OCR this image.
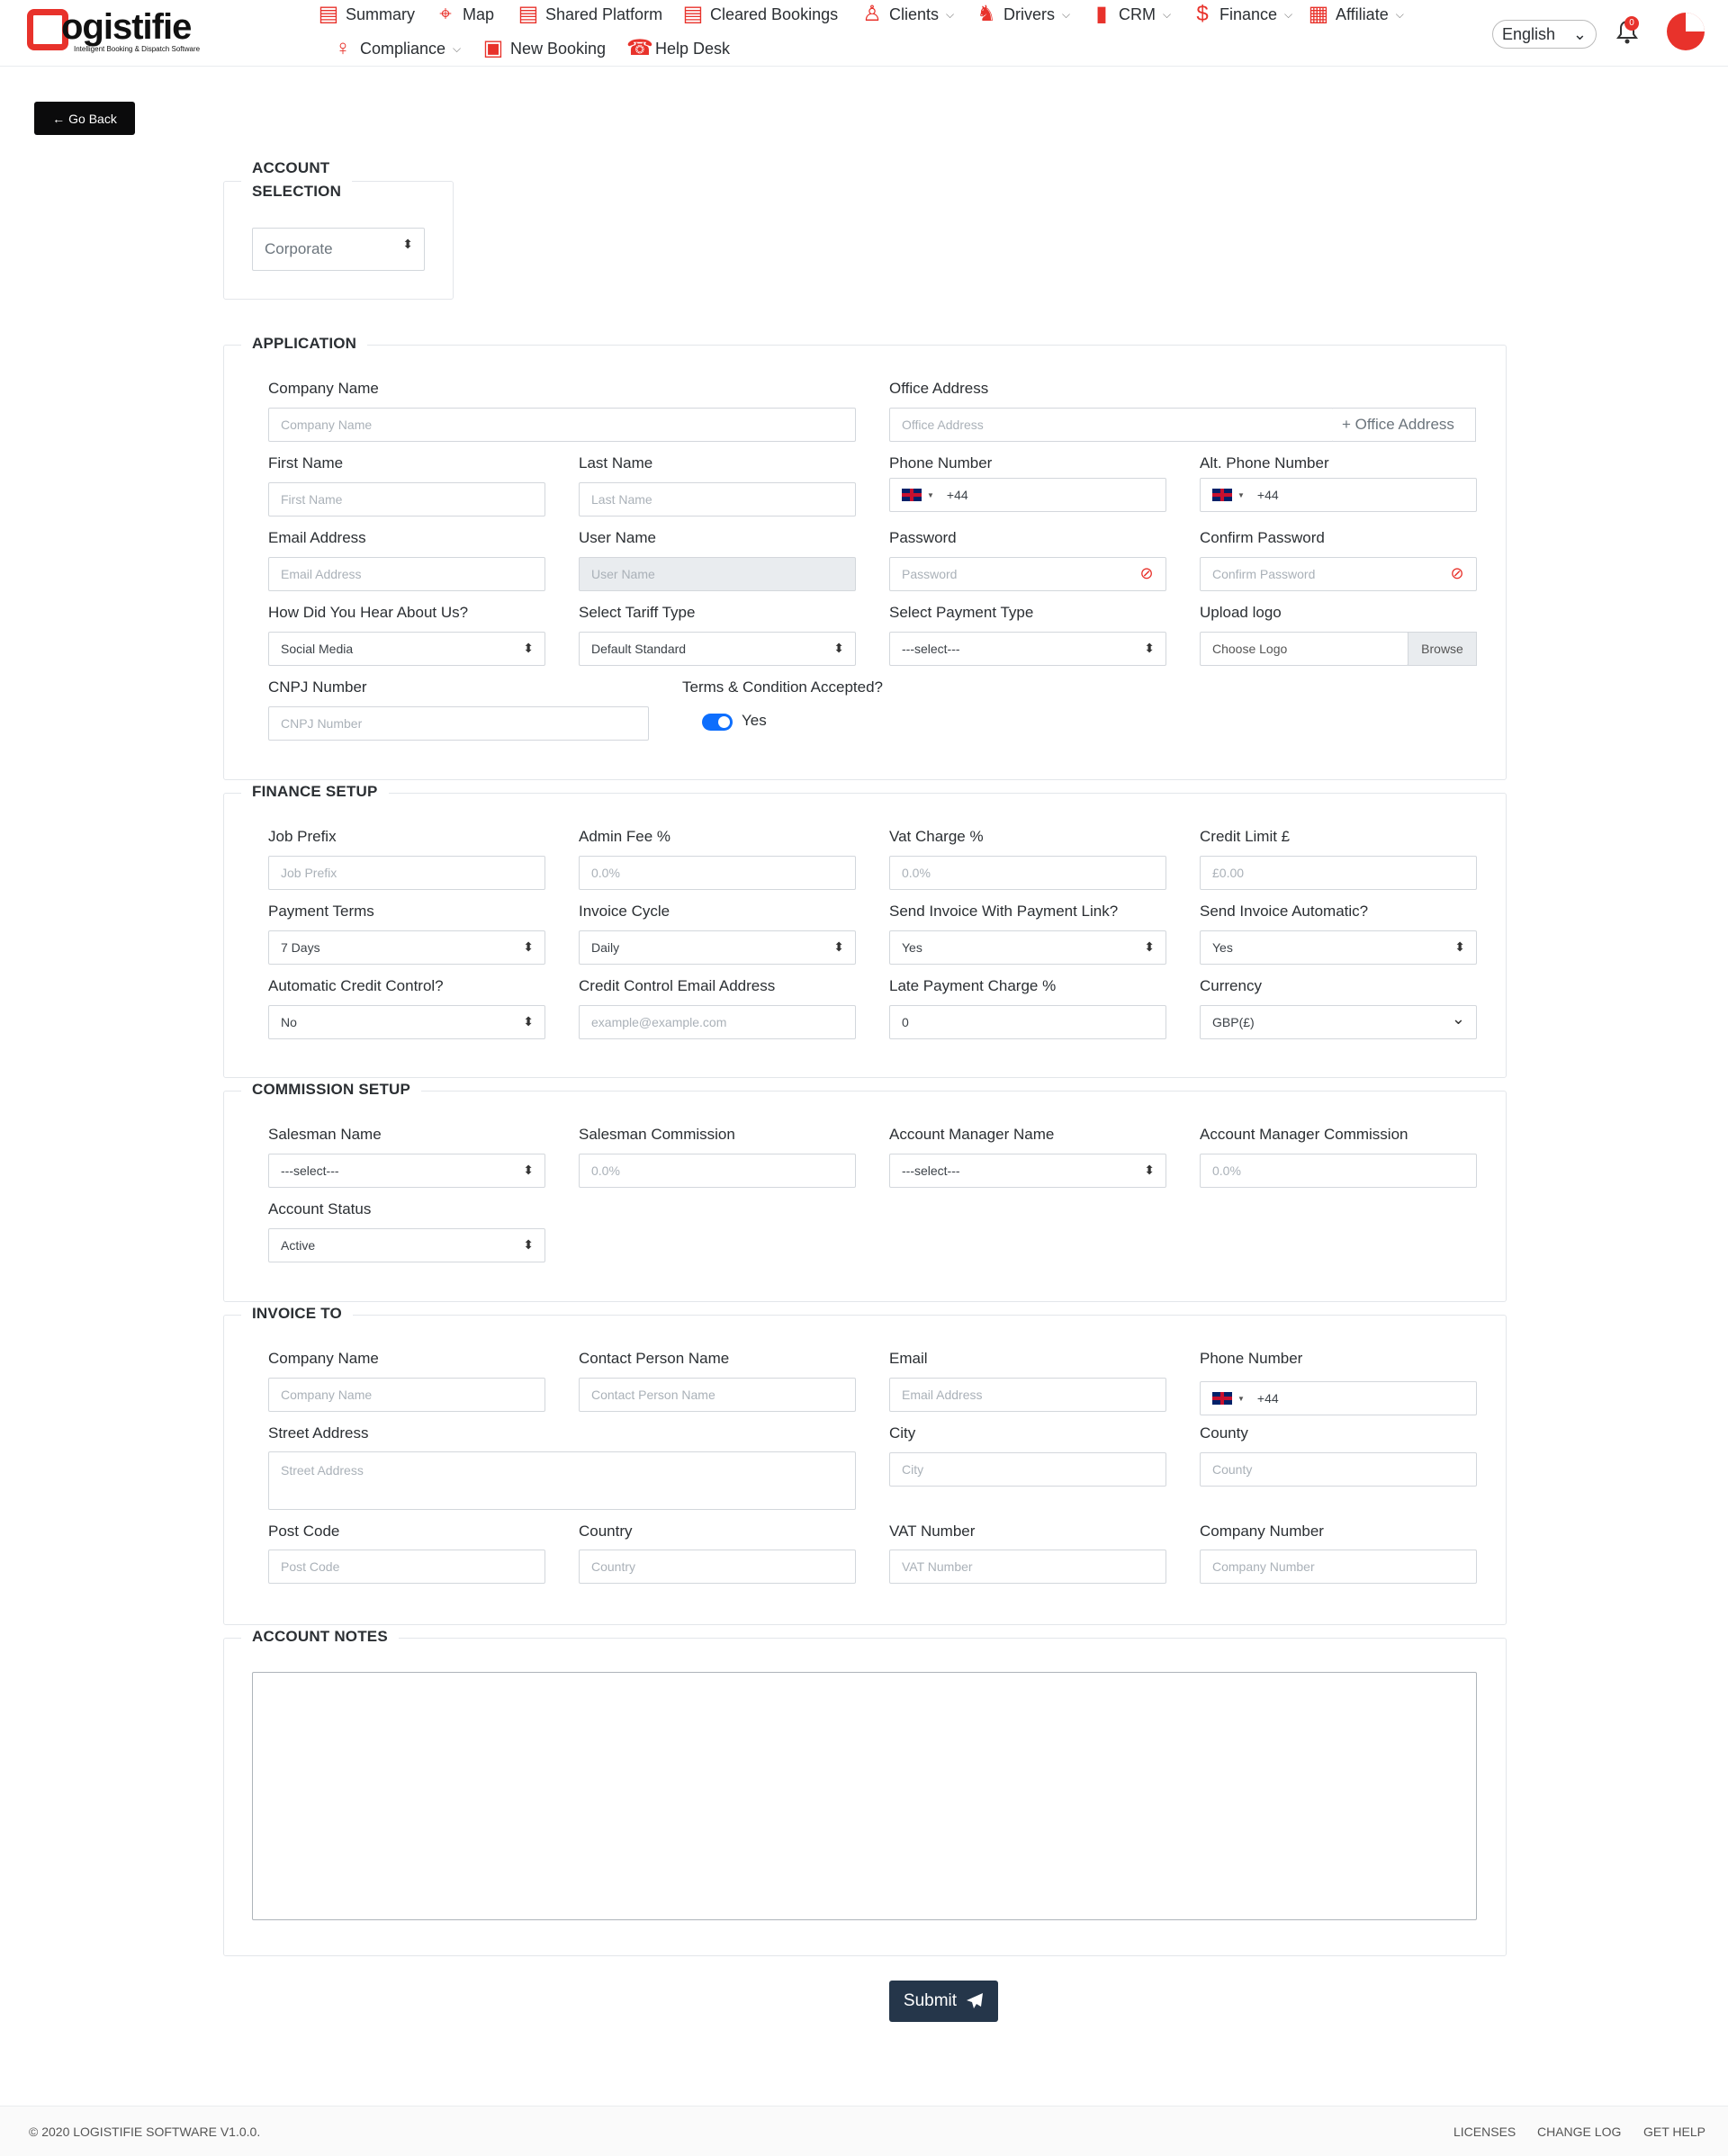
ogistifie
Intelligent Booking & Dispatch Software
▤ Summary ⌖ Map ▤ Shared Platform ▤ Cleared Bookings ♙ Clients ⌵ ♞ Drivers ⌵ ▮ CRM ⌵ $ Finance ⌵ ▦ Affiliate ⌵
♀ Compliance ⌵ ▣ New Booking ☎ Help Desk
English ⌄
0
← Go Back
ACCOUNT
SELECTION
Corporate
⬍
APPLICATION
Company Name
Company Name
Office Address
Office Address	+ Office Address
First Name
First Name
Last Name
Last Name
Phone Number
▼ +44
Alt. Phone Number
▼ +44
Email Address
Email Address
User Name
User Name
Password
Password	⊘
Confirm Password
Confirm Password	⊘
How Did You Hear About Us?
Social Media ⬍
Select Tariff Type
Default Standard ⬍
Select Payment Type
---select--- ⬍
Upload logo
Choose Logo	Browse
CNPJ Number
CNPJ Number
Terms & Condition Accepted?
Yes
FINANCE SETUP
Job Prefix
Job Prefix
Admin Fee %
0.0%
Vat Charge %
0.0%
Credit Limit £
£0.00
Payment Terms
7 Days ⬍
Invoice Cycle
Daily ⬍
Send Invoice With Payment Link?
Yes ⬍
Send Invoice Automatic?
Yes ⬍
Automatic Credit Control?
No ⬍
Credit Control Email Address
example@example.com
Late Payment Charge %
0
Currency
GBP(£) ⌄
COMMISSION SETUP
Salesman Name
---select--- ⬍
Salesman Commission
0.0%
Account Manager Name
---select--- ⬍
Account Manager Commission
0.0%
Account Status
Active ⬍
INVOICE TO
Company Name
Company Name
Contact Person Name
Contact Person Name
Email
Email Address
Phone Number
▼ +44
Street Address
Street Address
City
City
County
County
Post Code
Post Code
Country
Country
VAT Number
VAT Number
Company Number
Company Number
ACCOUNT NOTES
Submit
© 2020 LOGISTIFIE SOFTWARE V1.0.0.	LICENSES CHANGE LOG GET HELP
